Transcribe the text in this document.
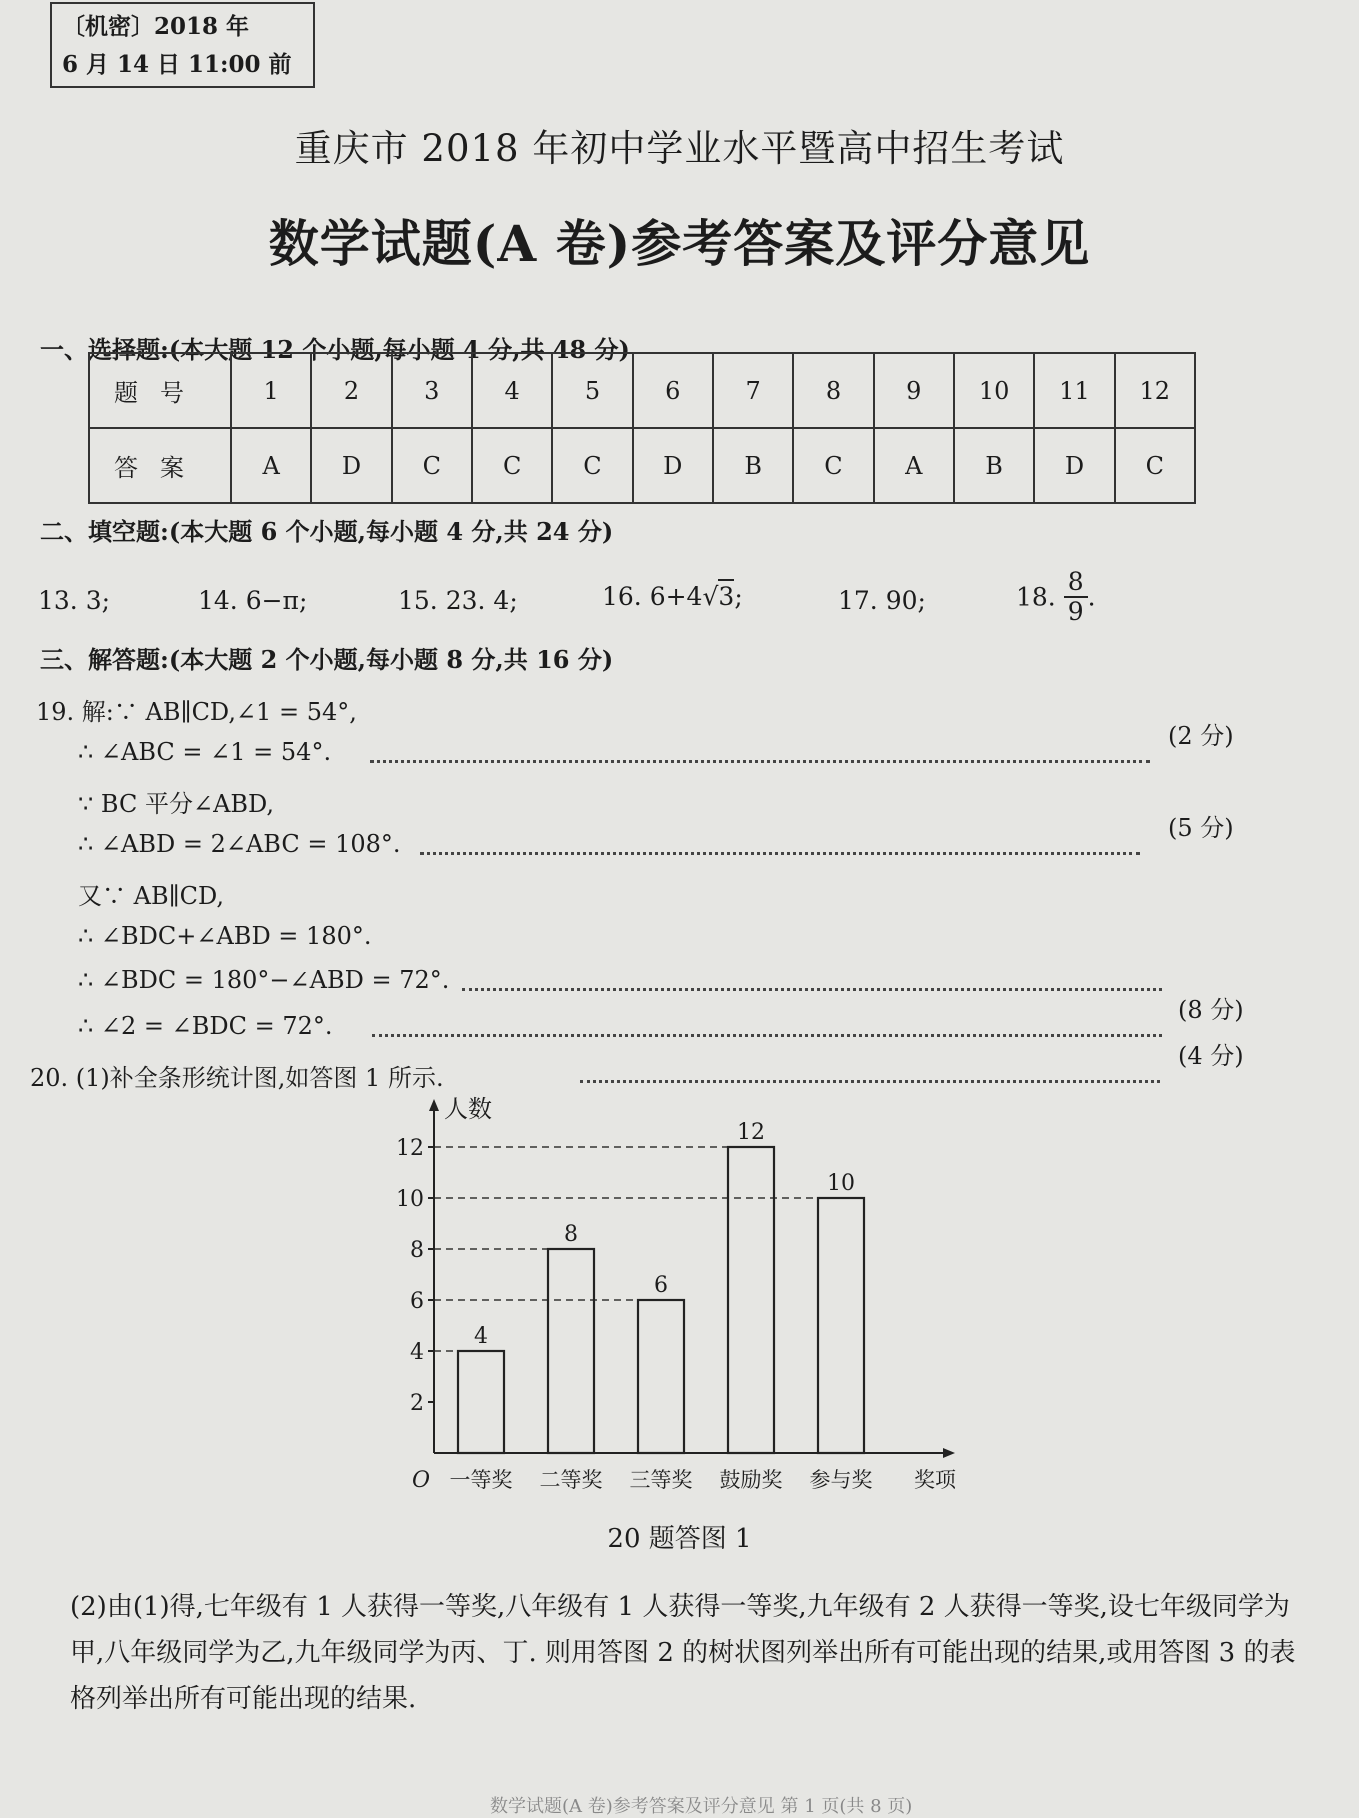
〔机密〕2018 年
6 月 14 日 11:00 前
重庆市 2018 年初中学业水平暨高中招生考试
数学试题(A 卷)参考答案及评分意见
一、选择题:(本大题 12 个小题,每小题 4 分,共 48 分)
题号	1	2	3	4	5	6	7	8	9	10	11	12
答案	A	D	C	C	C	D	B	C	A	B	D	C
二、填空题:(本大题 6 个小题,每小题 4 分,共 24 分)
13. 3;	14. 6−π;	15. 23. 4;	16. 6+4√3;	17. 90;	18. $\frac{8}{9}$ .
三、解答题:(本大题 2 个小题,每小题 8 分,共 16 分)
19. 解:∵ AB∥CD,∠1 = 54°,
∴ ∠ABC = ∠1 = 54°.
(2 分)
∵ BC 平分∠ABD,
∴ ∠ABD = 2∠ABC = 108°.
(5 分)
又∵ AB∥CD,
∴ ∠BDC+∠ABD = 180°.
∴ ∠BDC = 180°−∠ABD = 72°.
∴ ∠2 = ∠BDC = 72°.
(8 分)
20. (1)补全条形统计图,如答图 1 所示.
(4 分)
人数
O
2
4
6
8
10
12
4
一等奖
8
二等奖
6
三等奖
12
鼓励奖
10
参与奖 奖项
20 题答图 1
(2)由(1)得,七年级有 1 人获得一等奖,八年级有 1 人获得一等奖,九年级有 2 人获得一等奖,设七年级同学为甲,八年级同学为乙,九年级同学为丙、丁. 则用答图 2 的树状图列举出所有可能出现的结果,或用答图 3 的表格列举出所有可能出现的结果.
数学试题(A 卷)参考答案及评分意见 第 1 页(共 8 页)
